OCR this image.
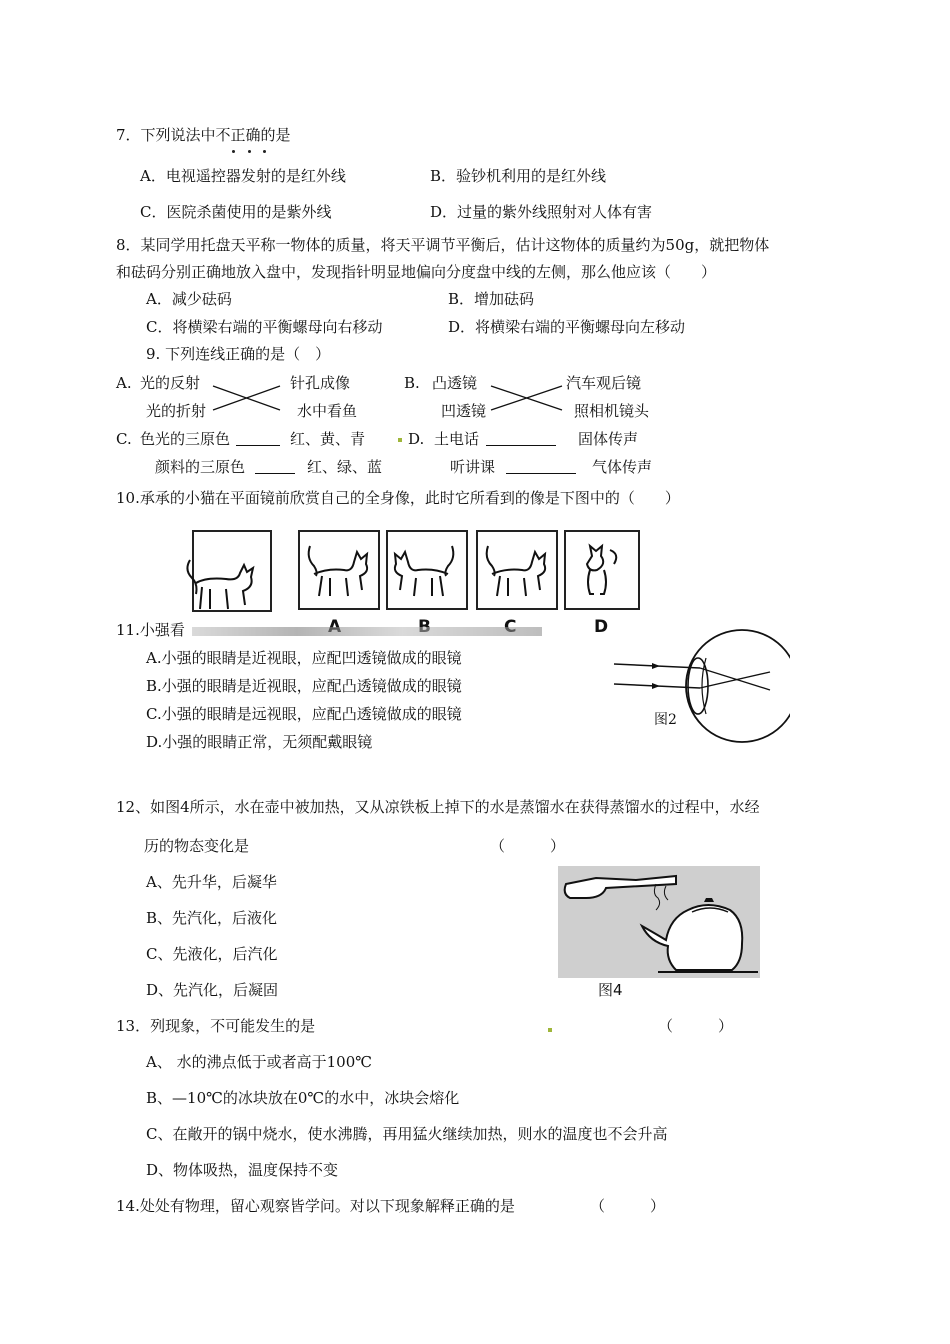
7．下列说法中不正确的是
A．电视遥控器发射的是红外线	B．验钞机利用的是红外线
C．医院杀菌使用的是紫外线	D．过量的紫外线照射对人体有害
8．某同学用托盘天平称一物体的质量，将天平调节平衡后，估计这物体的质量约为50g，就把物体
和砝码分别正确地放入盘中，发现指针明显地偏向分度盘中线的左侧，那么他应该（　　）
A．减少砝码	B．增加砝码
C．将横梁右端的平衡螺母向右移动	D．将横梁右端的平衡螺母向左移动
9. 下列连线正确的是（　）
A. 光的反射	针孔成像
光的折射	水中看鱼
B. 凸透镜	汽车观后镜
凹透镜	照相机镜头
C. 色光的三原色	红、黄、青
颜料的三原色	红、绿、蓝
D. 土电话	固体传声
听讲课	气体传声
10.承承的小猫在平面镜前欣赏自己的全身像，此时它所看到的像是下图中的（　　）
D
11.小强看
A.小强的眼睛是近视眼，应配凹透镜做成的眼镜
B.小强的眼睛是近视眼，应配凸透镜做成的眼镜
C.小强的眼睛是远视眼，应配凸透镜做成的眼镜
D.小强的眼睛正常，无须配戴眼镜
图2
12、如图4所示，水在壶中被加热，又从凉铁板上掉下的水是蒸馏水在获得蒸馏水的过程中，水经
历的物态变化是	（　　　）
A、先升华，后凝华
B、先汽化，后液化
C、先液化，后汽化
D、先汽化，后凝固	图4
13．列现象，不可能发生的是	（　　　）
A、 水的沸点低于或者高于100℃
B、—10℃的冰块放在0℃的水中，冰块会熔化
C、在敞开的锅中烧水，使水沸腾，再用猛火继续加热，则水的温度也不会升高
D、物体吸热，温度保持不变
14.处处有物理，留心观察皆学问。对以下现象解释正确的是	（　　　）
